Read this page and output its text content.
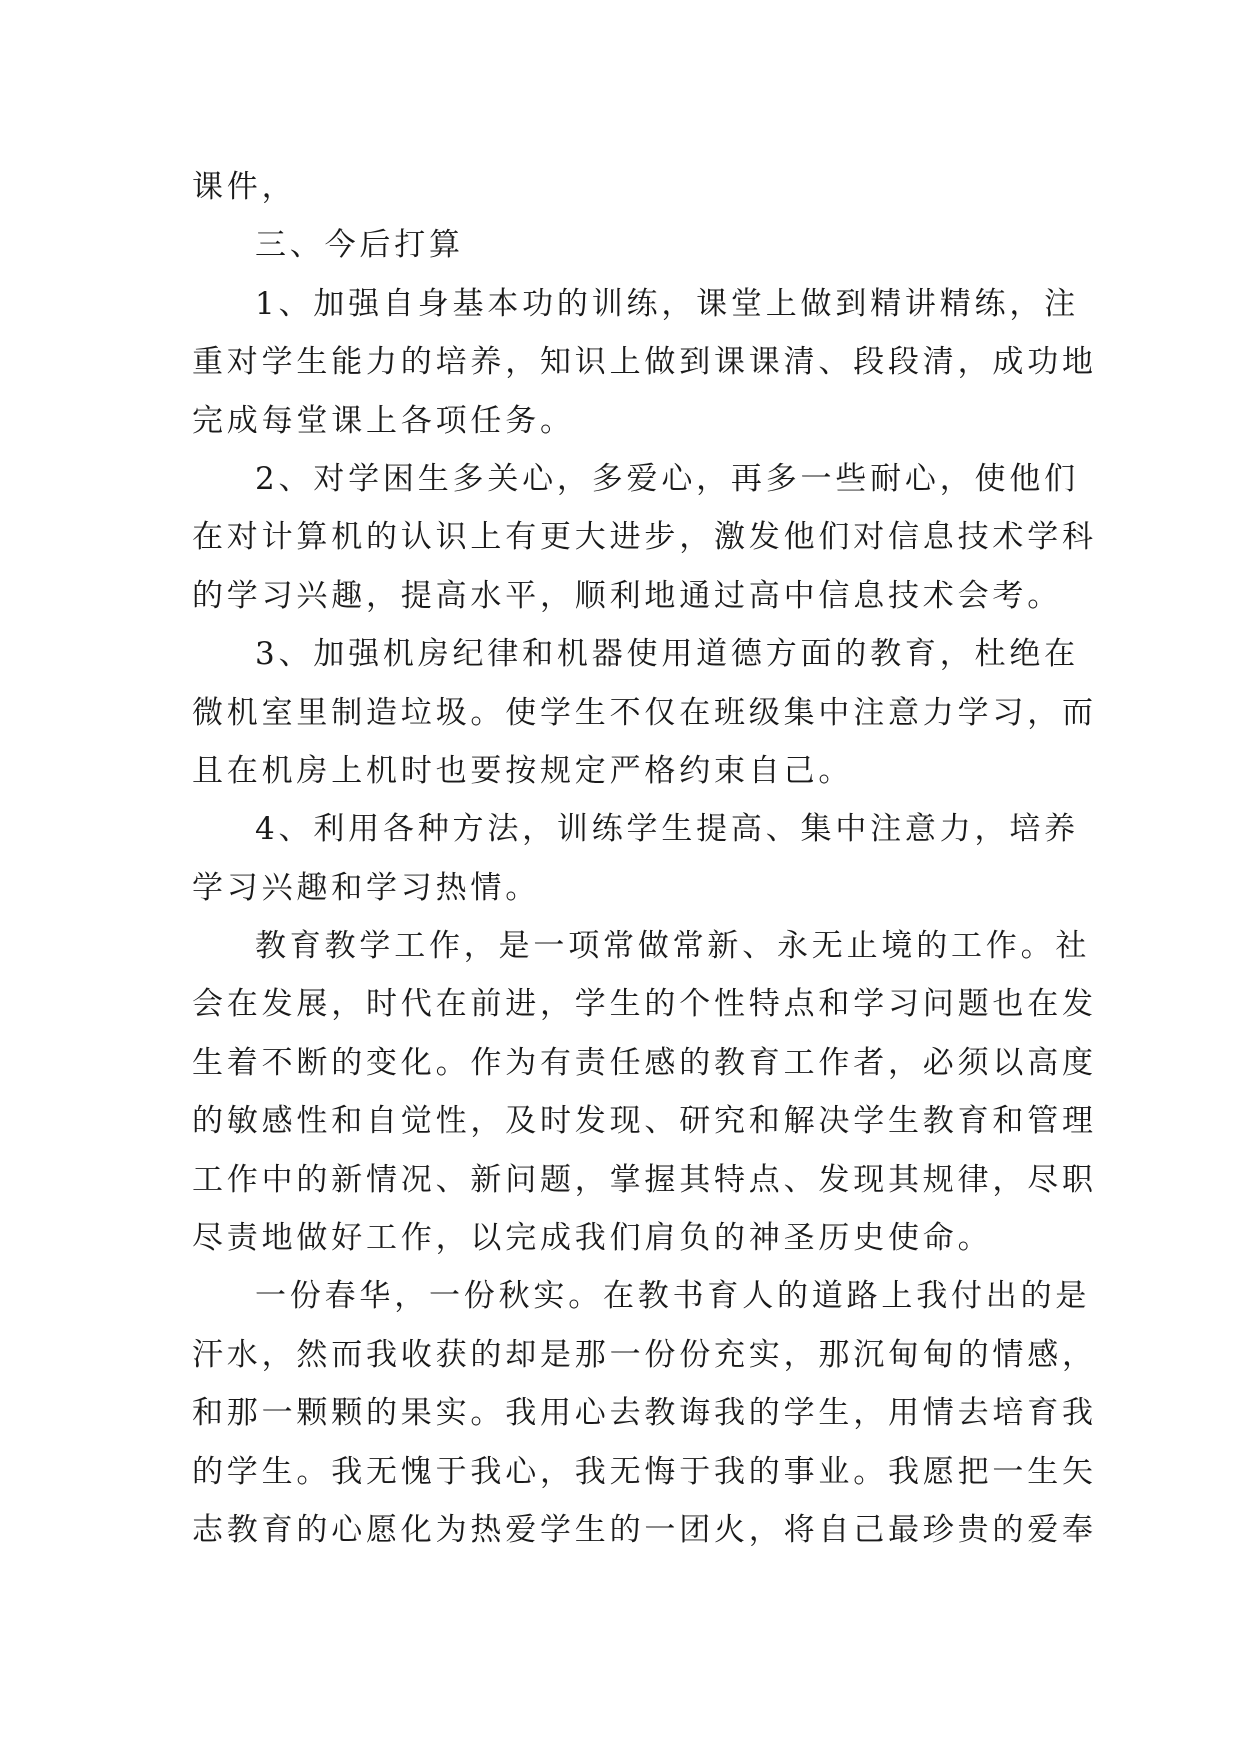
课件，
三、今后打算
1、加强自身基本功的训练，课堂上做到精讲精练，注
重对学生能力的培养，知识上做到课课清、段段清，成功地
完成每堂课上各项任务。
2、对学困生多关心，多爱心，再多一些耐心，使他们
在对计算机的认识上有更大进步，激发他们对信息技术学科
的学习兴趣，提高水平，顺利地通过高中信息技术会考。
3、加强机房纪律和机器使用道德方面的教育，杜绝在
微机室里制造垃圾。使学生不仅在班级集中注意力学习，而
且在机房上机时也要按规定严格约束自己。
4、利用各种方法，训练学生提高、集中注意力，培养
学习兴趣和学习热情。
教育教学工作，是一项常做常新、永无止境的工作。社
会在发展，时代在前进，学生的个性特点和学习问题也在发
生着不断的变化。作为有责任感的教育工作者，必须以高度
的敏感性和自觉性，及时发现、研究和解决学生教育和管理
工作中的新情况、新问题，掌握其特点、发现其规律，尽职
尽责地做好工作，以完成我们肩负的神圣历史使命。
一份春华，一份秋实。在教书育人的道路上我付出的是
汗水，然而我收获的却是那一份份充实，那沉甸甸的情感，
和那一颗颗的果实。我用心去教诲我的学生，用情去培育我
的学生。我无愧于我心，我无悔于我的事业。我愿把一生矢
志教育的心愿化为热爱学生的一团火，将自己最珍贵的爱奉
